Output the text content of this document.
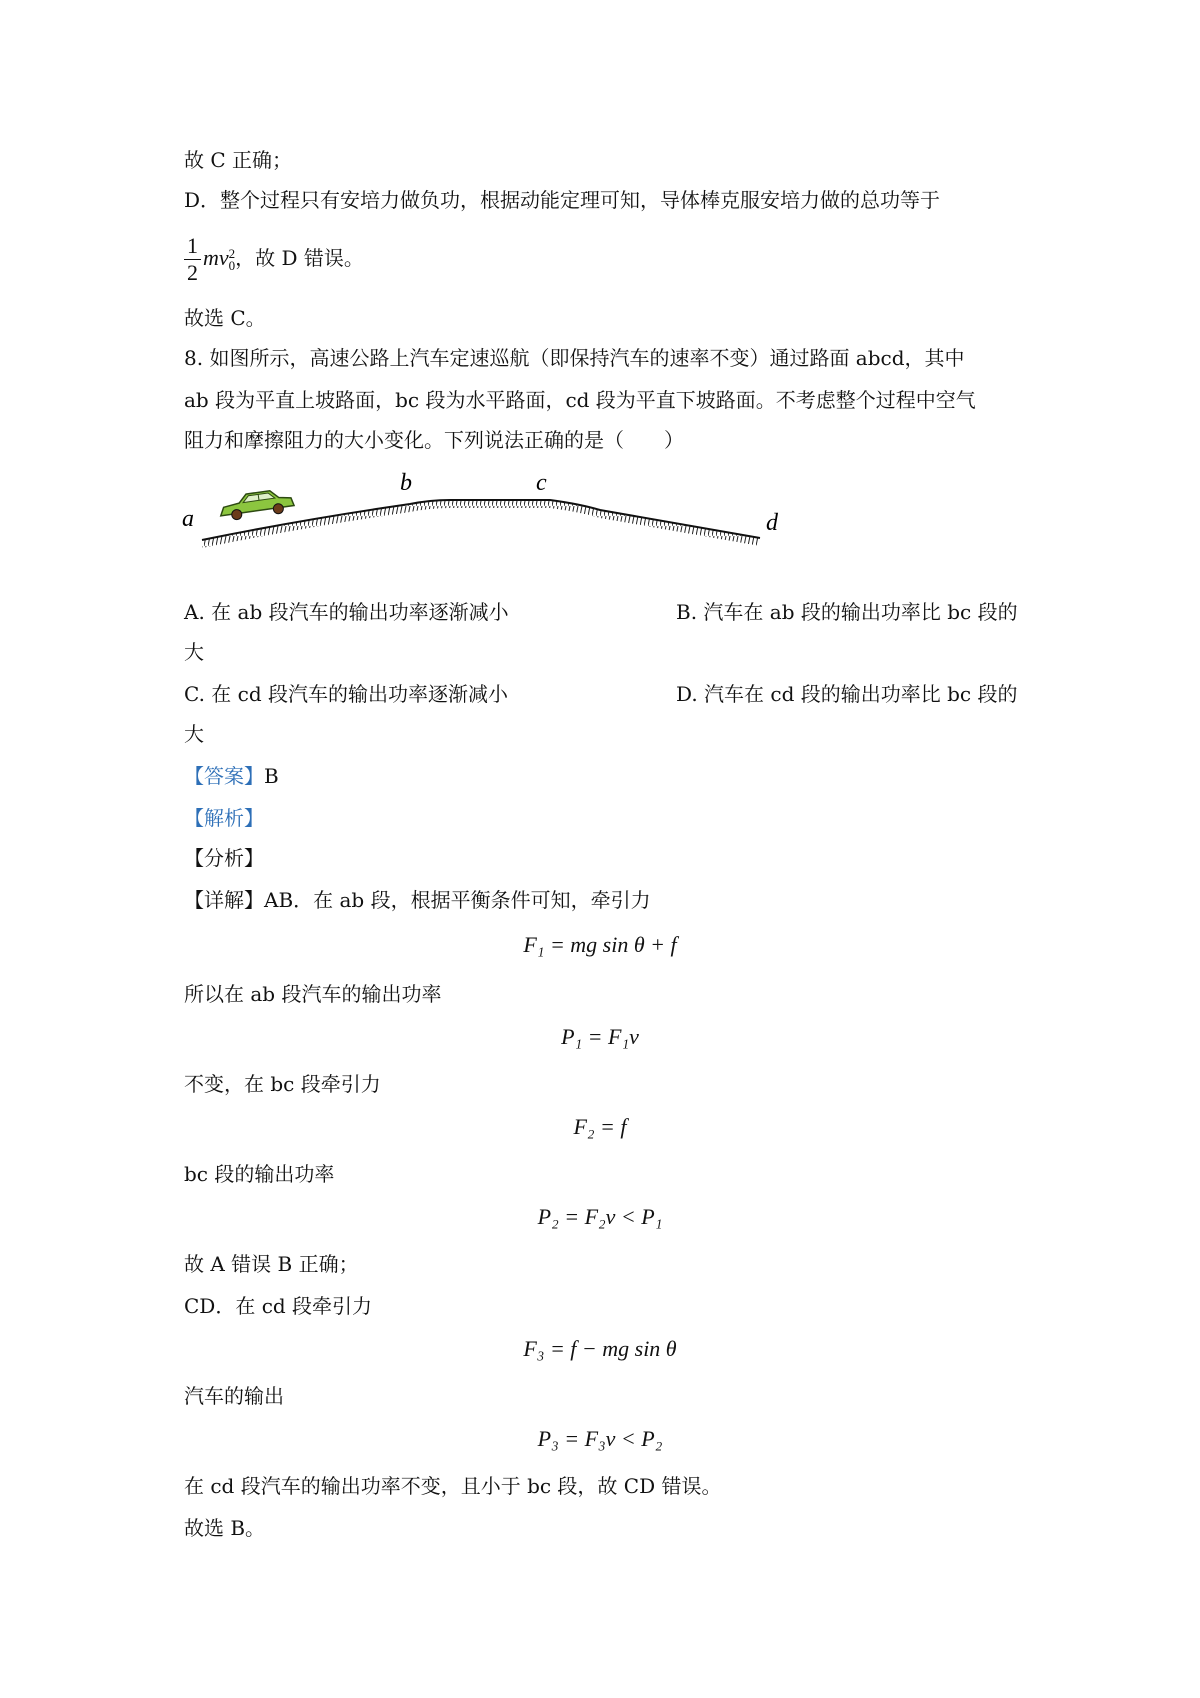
故 C 正确；
D．整个过程只有安培力做负功，根据动能定理可知，导体棒克服安培力做的总功等于
$\frac{1}{2}$ mv 2
0 ，故 D 错误。
故选 C。
8. 如图所示，高速公路上汽车定速巡航（即保持汽车的速率不变）通过路面 abcd，其中
ab 段为平直上坡路面，bc 段为水平路面，cd 段为平直下坡路面。不考虑整个过程中空气
阻力和摩擦阻力的大小变化。下列说法正确的是（　　）
a
b	c
d
A. 在 ab 段汽车的输出功率逐渐减小	B. 汽车在 ab 段的输出功率比 bc 段的
大
C. 在 cd 段汽车的输出功率逐渐减小	D. 汽车在 cd 段的输出功率比 bc 段的
大
【答案】B
【解析】
【分析】
【详解】AB．在 ab 段，根据平衡条件可知，牵引力
F₁ = mg sin θ + f
所以在 ab 段汽车的输出功率
P₁ = F₁v
不变，在 bc 段牵引力
F₂ = f
bc 段的输出功率
P₂ = F₂v < P₁
故 A 错误 B 正确；
CD．在 cd 段牵引力
F₃ = f − mg sin θ
汽车的输出
P₃ = F₃v < P₂
在 cd 段汽车的输出功率不变，且小于 bc 段，故 CD 错误。
故选 B。
